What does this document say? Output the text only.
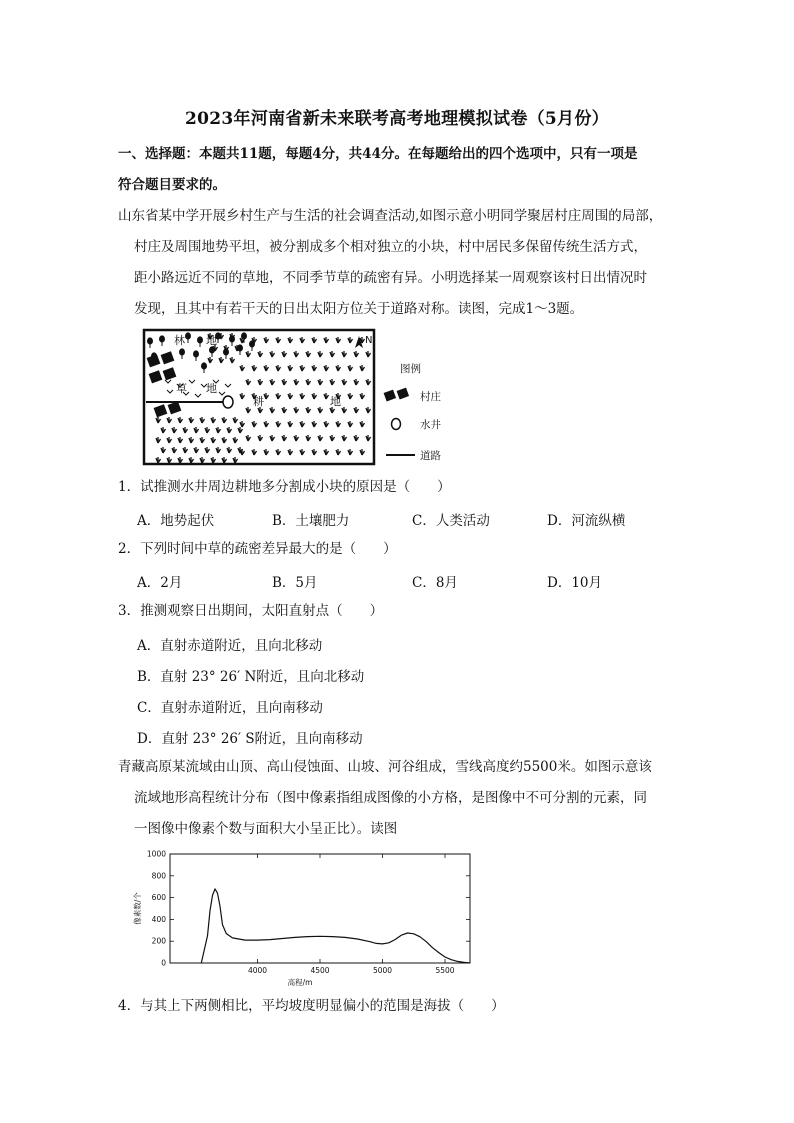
2023年河南省新未来联考高考地理模拟试卷（5月份）
一、选择题：本题共11题，每题4分，共44分。在每题给出的四个选项中，只有一项是
符合题目要求的。
山东省某中学开展乡村生产与生活的社会调查活动,如图示意小明同学聚居村庄周围的局部，
村庄及周围地势平坦，被分割成多个相对独立的小块，村中居民多保留传统生活方式，
距小路远近不同的草地，不同季节草的疏密有异。小明选择某一周观察该村日出情况时
发现，且其中有若干天的日出太阳方位关于道路对称。读图，完成1～3题。
N
林 地
草 地
耕	地
图例
村庄
水井
道路
1．试推测水井周边耕地多分割成小块的原因是（　　）
A．地势起伏	B．土壤肥力	C．人类活动	D．河流纵横
2．下列时间中草的疏密差异最大的是（　　）
A．2月	B．5月	C．8月	D．10月
3．推测观察日出期间，太阳直射点（　　）
A．直射赤道附近，且向北移动
B．直射 23° 26′ N附近，且向北移动
C．直射赤道附近，且向南移动
D．直射 23° 26′ S附近，且向南移动
青藏高原某流域由山顶、高山侵蚀面、山坡、河谷组成，雪线高度约5500米。如图示意该
流域地形高程统计分布（图中像素指组成图像的小方格，是图像中不可分割的元素，同
一图像中像素个数与面积大小呈正比）。读图
4000	4500	5000	5500
0
200
400
600
800
1000
高程/m
像素数/个
4．与其上下两侧相比，平均坡度明显偏小的范围是海拔（　　）
